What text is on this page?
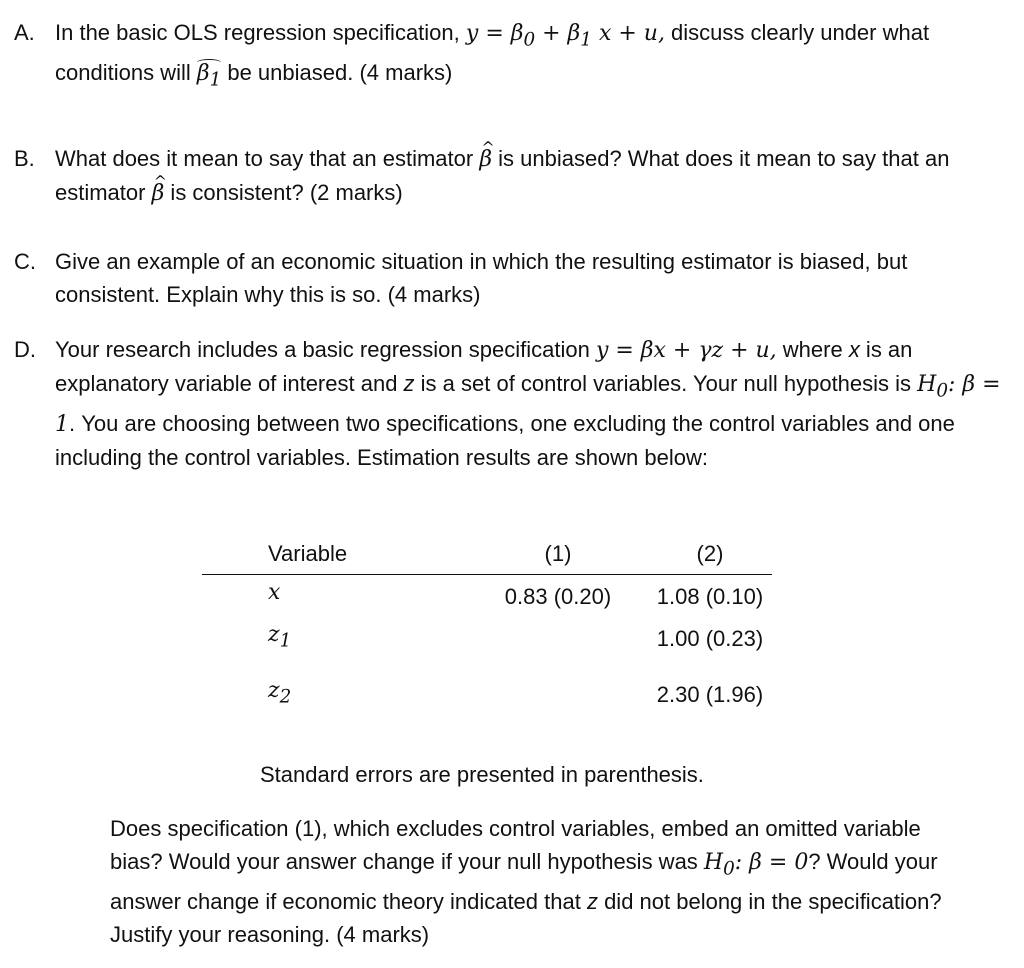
A. In the basic OLS regression specification, $y = \beta_0 + \beta_1$ x + u, discuss clearly under what conditions will $\beta_1$ be unbiased. (4 marks)
B. What does it mean to say that an estimator ^ β is unbiased? What does it mean to say that an estimator ^ β is consistent? (2 marks)
C. Give an example of an economic situation in which the resulting estimator is biased, but consistent. Explain why this is so. (4 marks)
D. Your research includes a basic regression specification y = βx + γz + u, where x is an explanatory variable of interest and z is a set of control variables. Your null hypothesis is $H_0$: β = 1. You are choosing between two specifications, one excluding the control variables and one including the control variables. Estimation results are shown below:
Variable	(1)	(2)
x	0.83 (0.20)	1.08 (0.10)
$z_1$		1.00 (0.23)
$z_2$		2.30 (1.96)
Standard errors are presented in parenthesis.
Does specification (1), which excludes control variables, embed an omitted variable bias? Would your answer change if your null hypothesis was $H_0$: β = 0? Would your answer change if economic theory indicated that z did not belong in the specification? Justify your reasoning. (4 marks)
